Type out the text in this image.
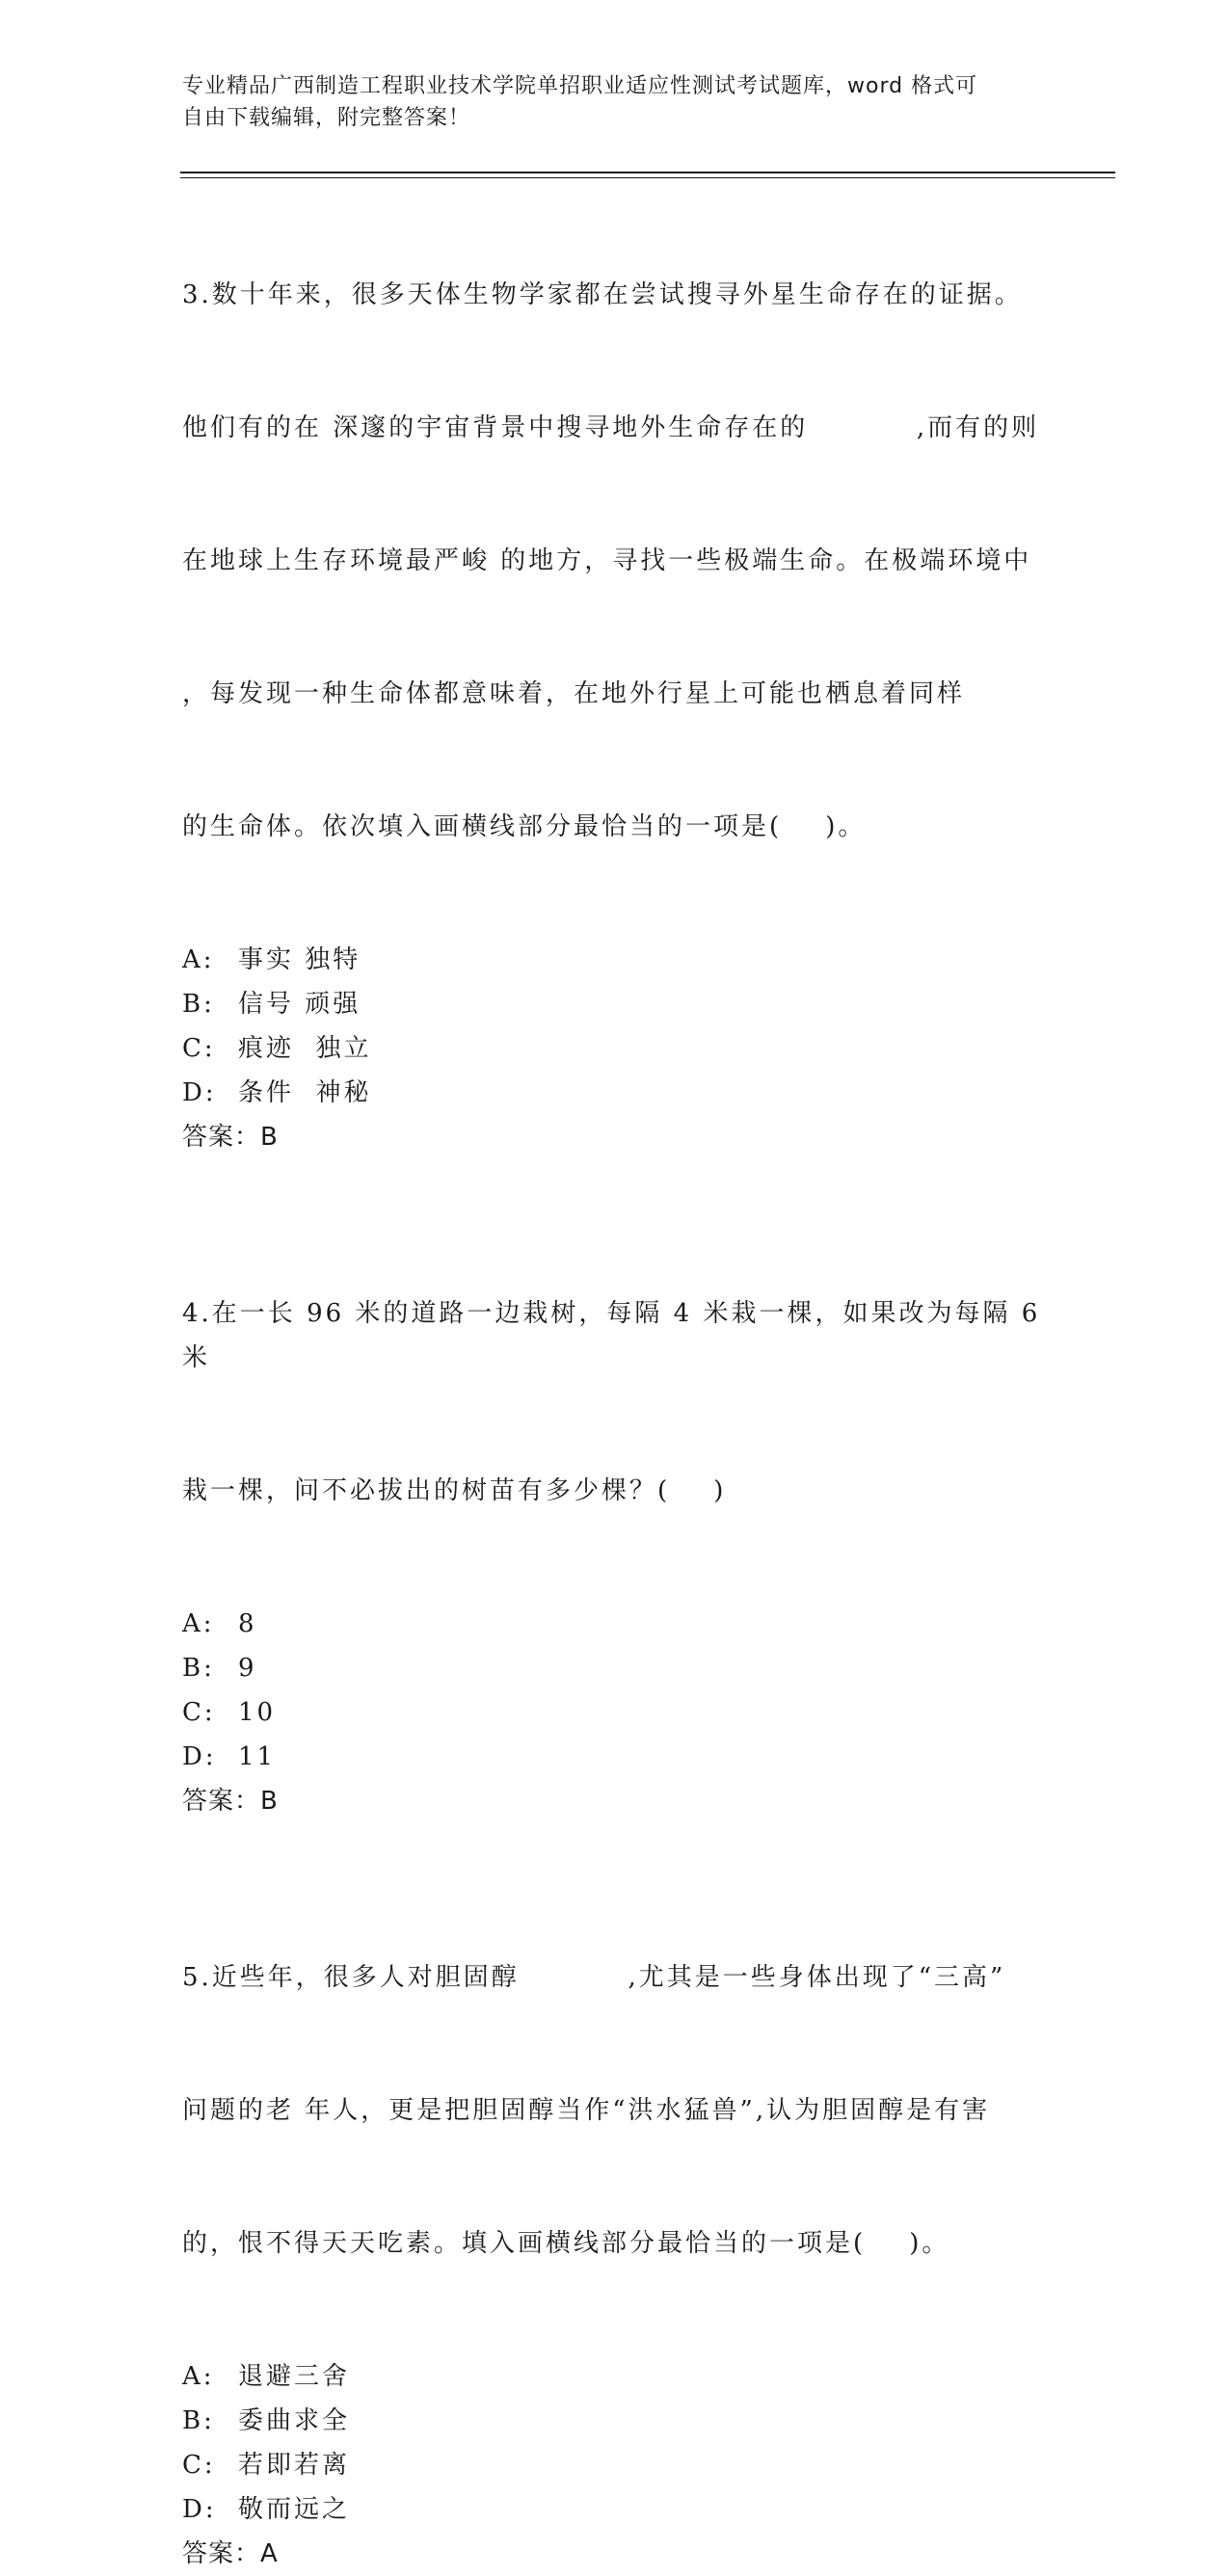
专业精品广西制造工程职业技术学院单招职业适应性测试考试题库，word 格式可
自由下载编辑，附完整答案！

3.数十年来，很多天体生物学家都在尝试搜寻外星生命存在的证据。

他们有的在 深邃的宇宙背景中搜寻地外生命存在的          ,而有的则

在地球上生存环境最严峻 的地方，寻找一些极端生命。在极端环境中

，每发现一种生命体都意味着，在地外行星上可能也栖息着同样

的生命体。依次填入画横线部分最恰当的一项是(    )。

A: 事实 独特
B: 信号 顽强
C: 痕迹  独立
D: 条件  神秘
答案：B

4.在一长 96 米的道路一边栽树，每隔 4 米栽一棵，如果改为每隔 6 米

栽一棵，问不必拔出的树苗有多少棵？(    )

A: 8
B: 9
C: 10
D: 11
答案：B

5.近些年，很多人对胆固醇          ,尤其是一些身体出现了“三高”

问题的老 年人，更是把胆固醇当作“洪水猛兽”,认为胆固醇是有害

的，恨不得天天吃素。填入画横线部分最恰当的一项是(    )。

A: 退避三舍
B: 委曲求全
C: 若即若离
D: 敬而远之
答案：A
